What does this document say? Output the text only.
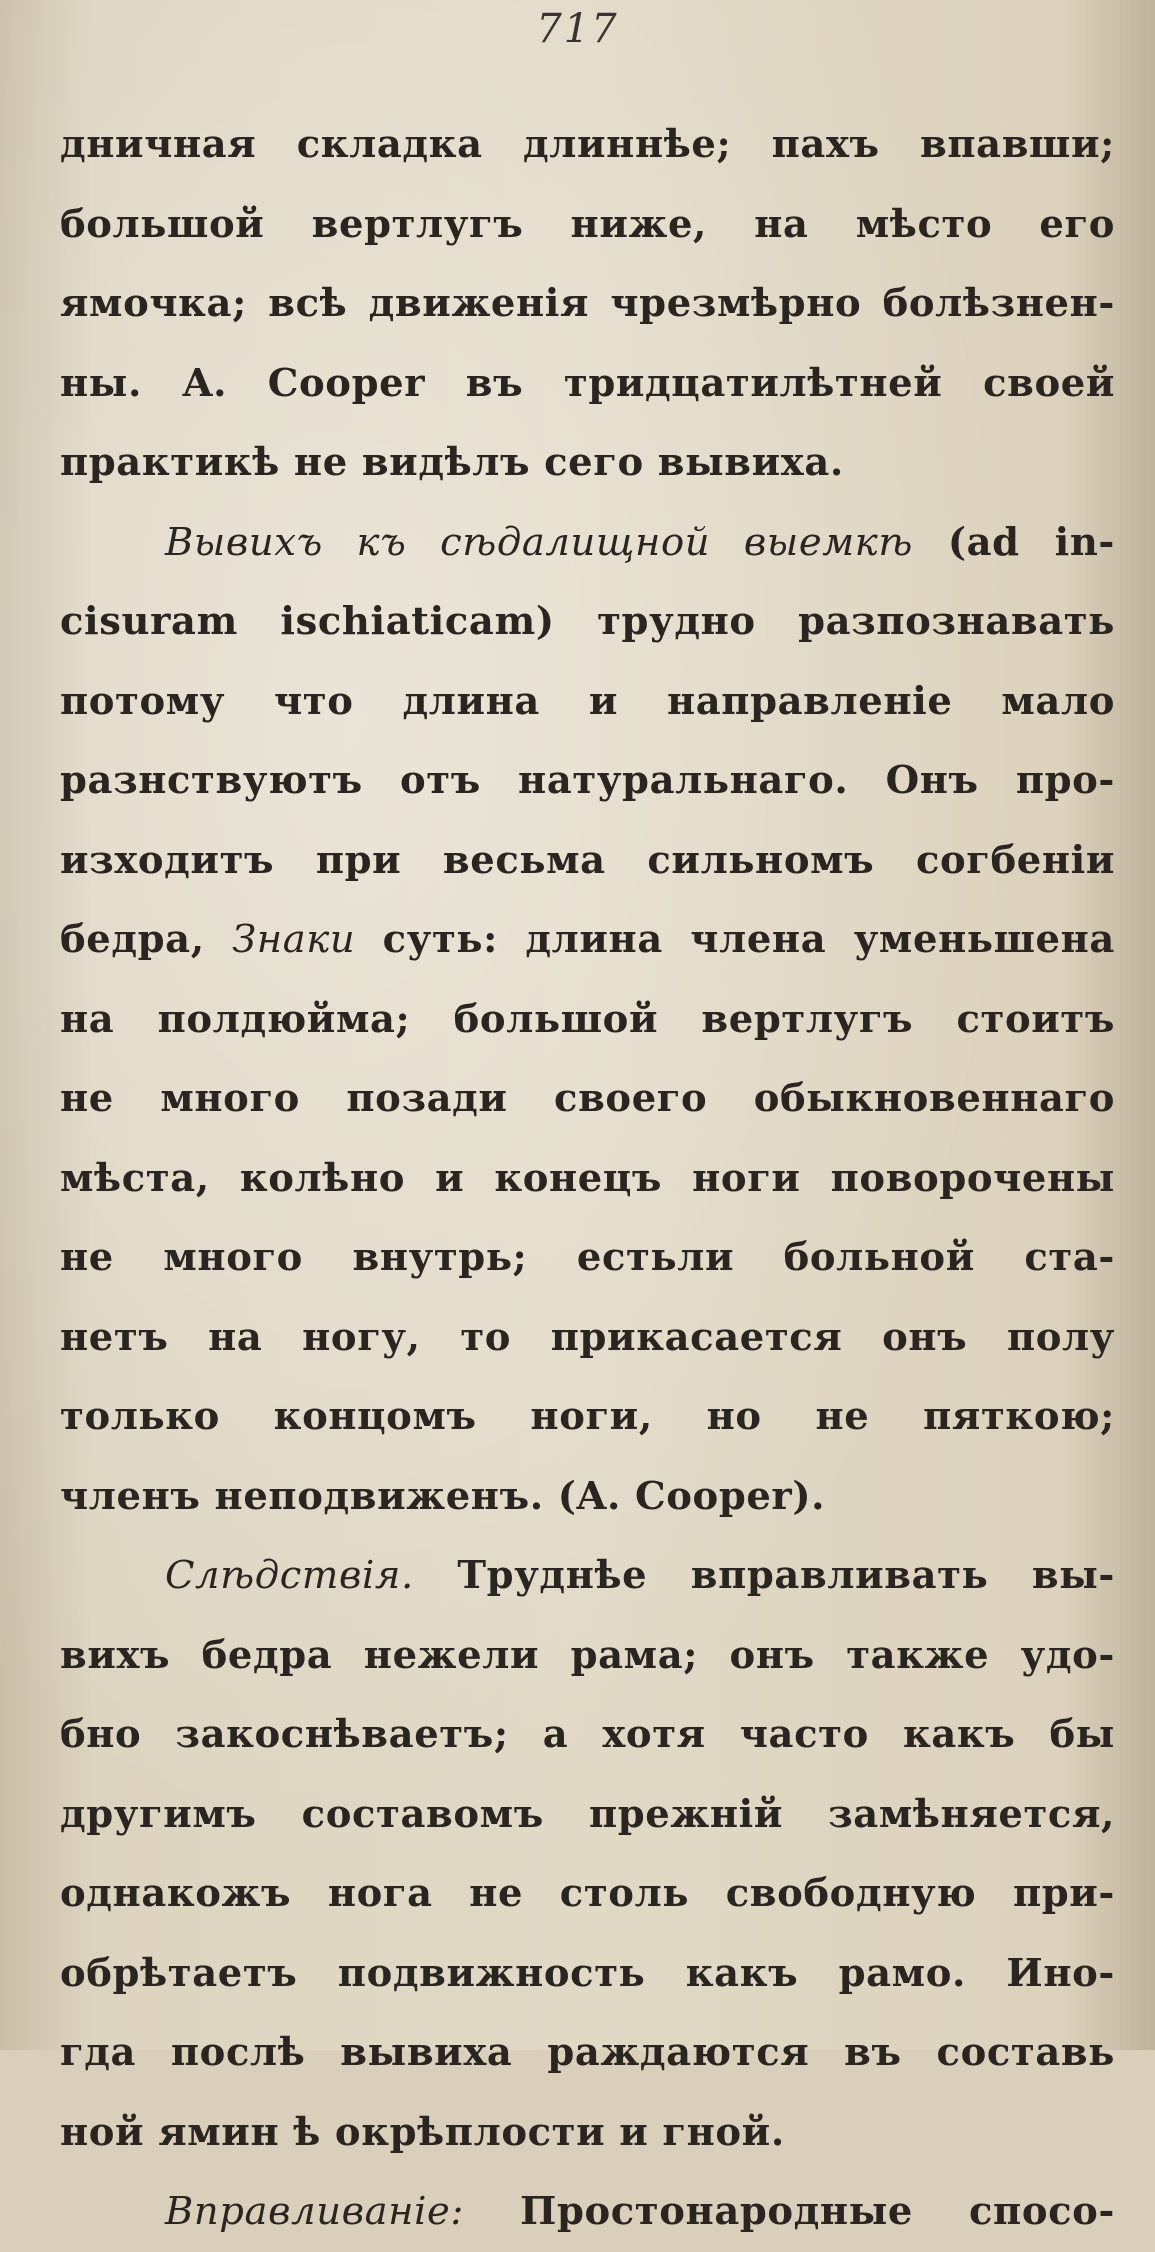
717
дничная складка длиннѣе; пахъ впавши;
большой вертлугъ ниже, на мѣсто его
ямочка; всѣ движенія чрезмѣрно болѣзнен-
ны. A. Cooper въ тридцатилѣтней своей
практикѣ не видѣлъ сего вывиха.
Вывихъ къ сѣдалищной выемкѣ (ad in-
cisuram ischiaticam) трудно разпознавать
потому что длина и направленіе мало
разнствуютъ отъ натуральнаго. Онъ про-
изходитъ при весьма сильномъ согбеніи
бедра, Знаки суть: длина члена уменьшена
на полдюйма; большой вертлугъ стоитъ
не много позади своего обыкновеннаго
мѣста, колѣно и конецъ ноги поворочены
не много внутрь; естьли больной ста-
нетъ на ногу, то прикасается онъ полу
только концомъ ноги, но не пяткою;
членъ неподвиженъ. (A. Cooper).
Слѣдствія. Труднѣе вправливать вы-
вихъ бедра нежели рама; онъ также удо-
бно закоснѣваетъ; а хотя часто какъ бы
другимъ составомъ прежній замѣняется,
однакожъ нога не столь свободную при-
обрѣтаетъ подвижность какъ рамо. Ино-
гда послѣ вывиха раждаются въ составь
ной ямин ѣ окрѣплости и гной.
Вправливаніе: Простонародные спосо-
